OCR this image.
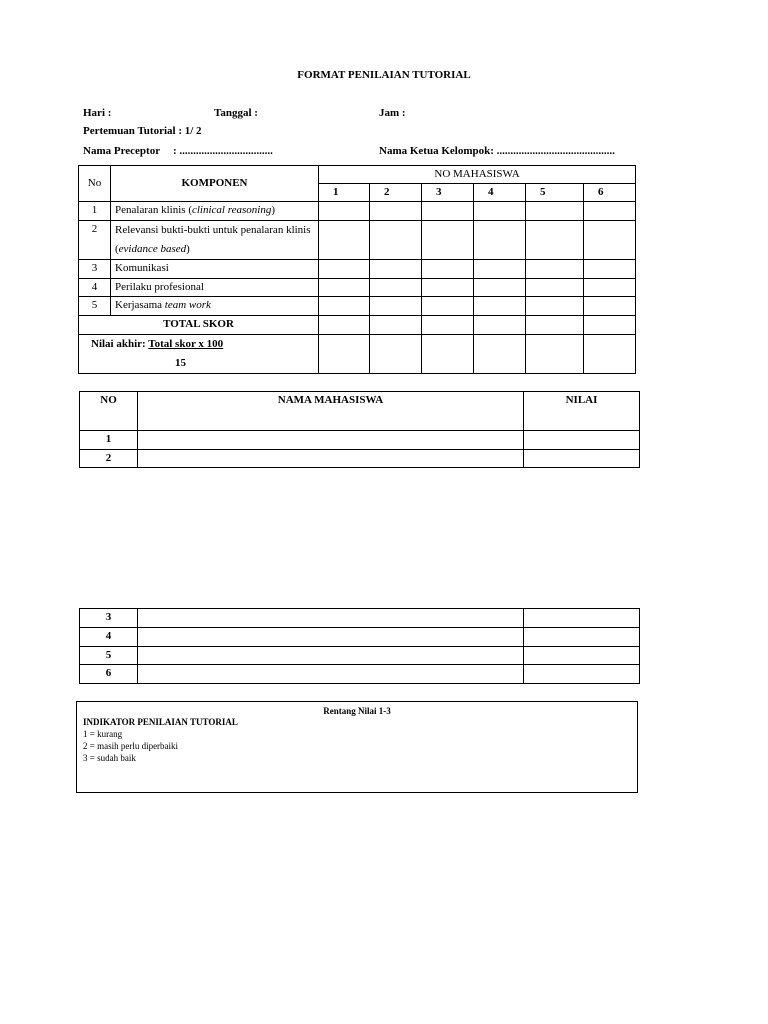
FORMAT PENILAIAN TUTORIAL
Hari :	Tanggal :	Jam :
Pertemuan Tutorial : 1/ 2
Nama Preceptor : ..................................	Nama Ketua Kelompok: ...........................................
No	KOMPONEN	NO MAHASISWA					
		1	2	3	4	5	6
1	Penalaran klinis (clinical reasoning)						
2	Relevansi bukti-bukti untuk penalaran klinis
(evidance based)						
3	Komunikasi						
4	Perilaku profesional						
5	Kerjasama team work						
TOTAL SKOR							
Nilai akhir: Total skor x 100
15							
NO	NAMA MAHASISWA	NILAI
1		
2		
3		
4		
5		
6		
Rentang Nilai 1-3
INDIKATOR PENILAIAN TUTORIAL
1 = kurang
2 = masih perlu diperbaiki
3 = sudah baik
